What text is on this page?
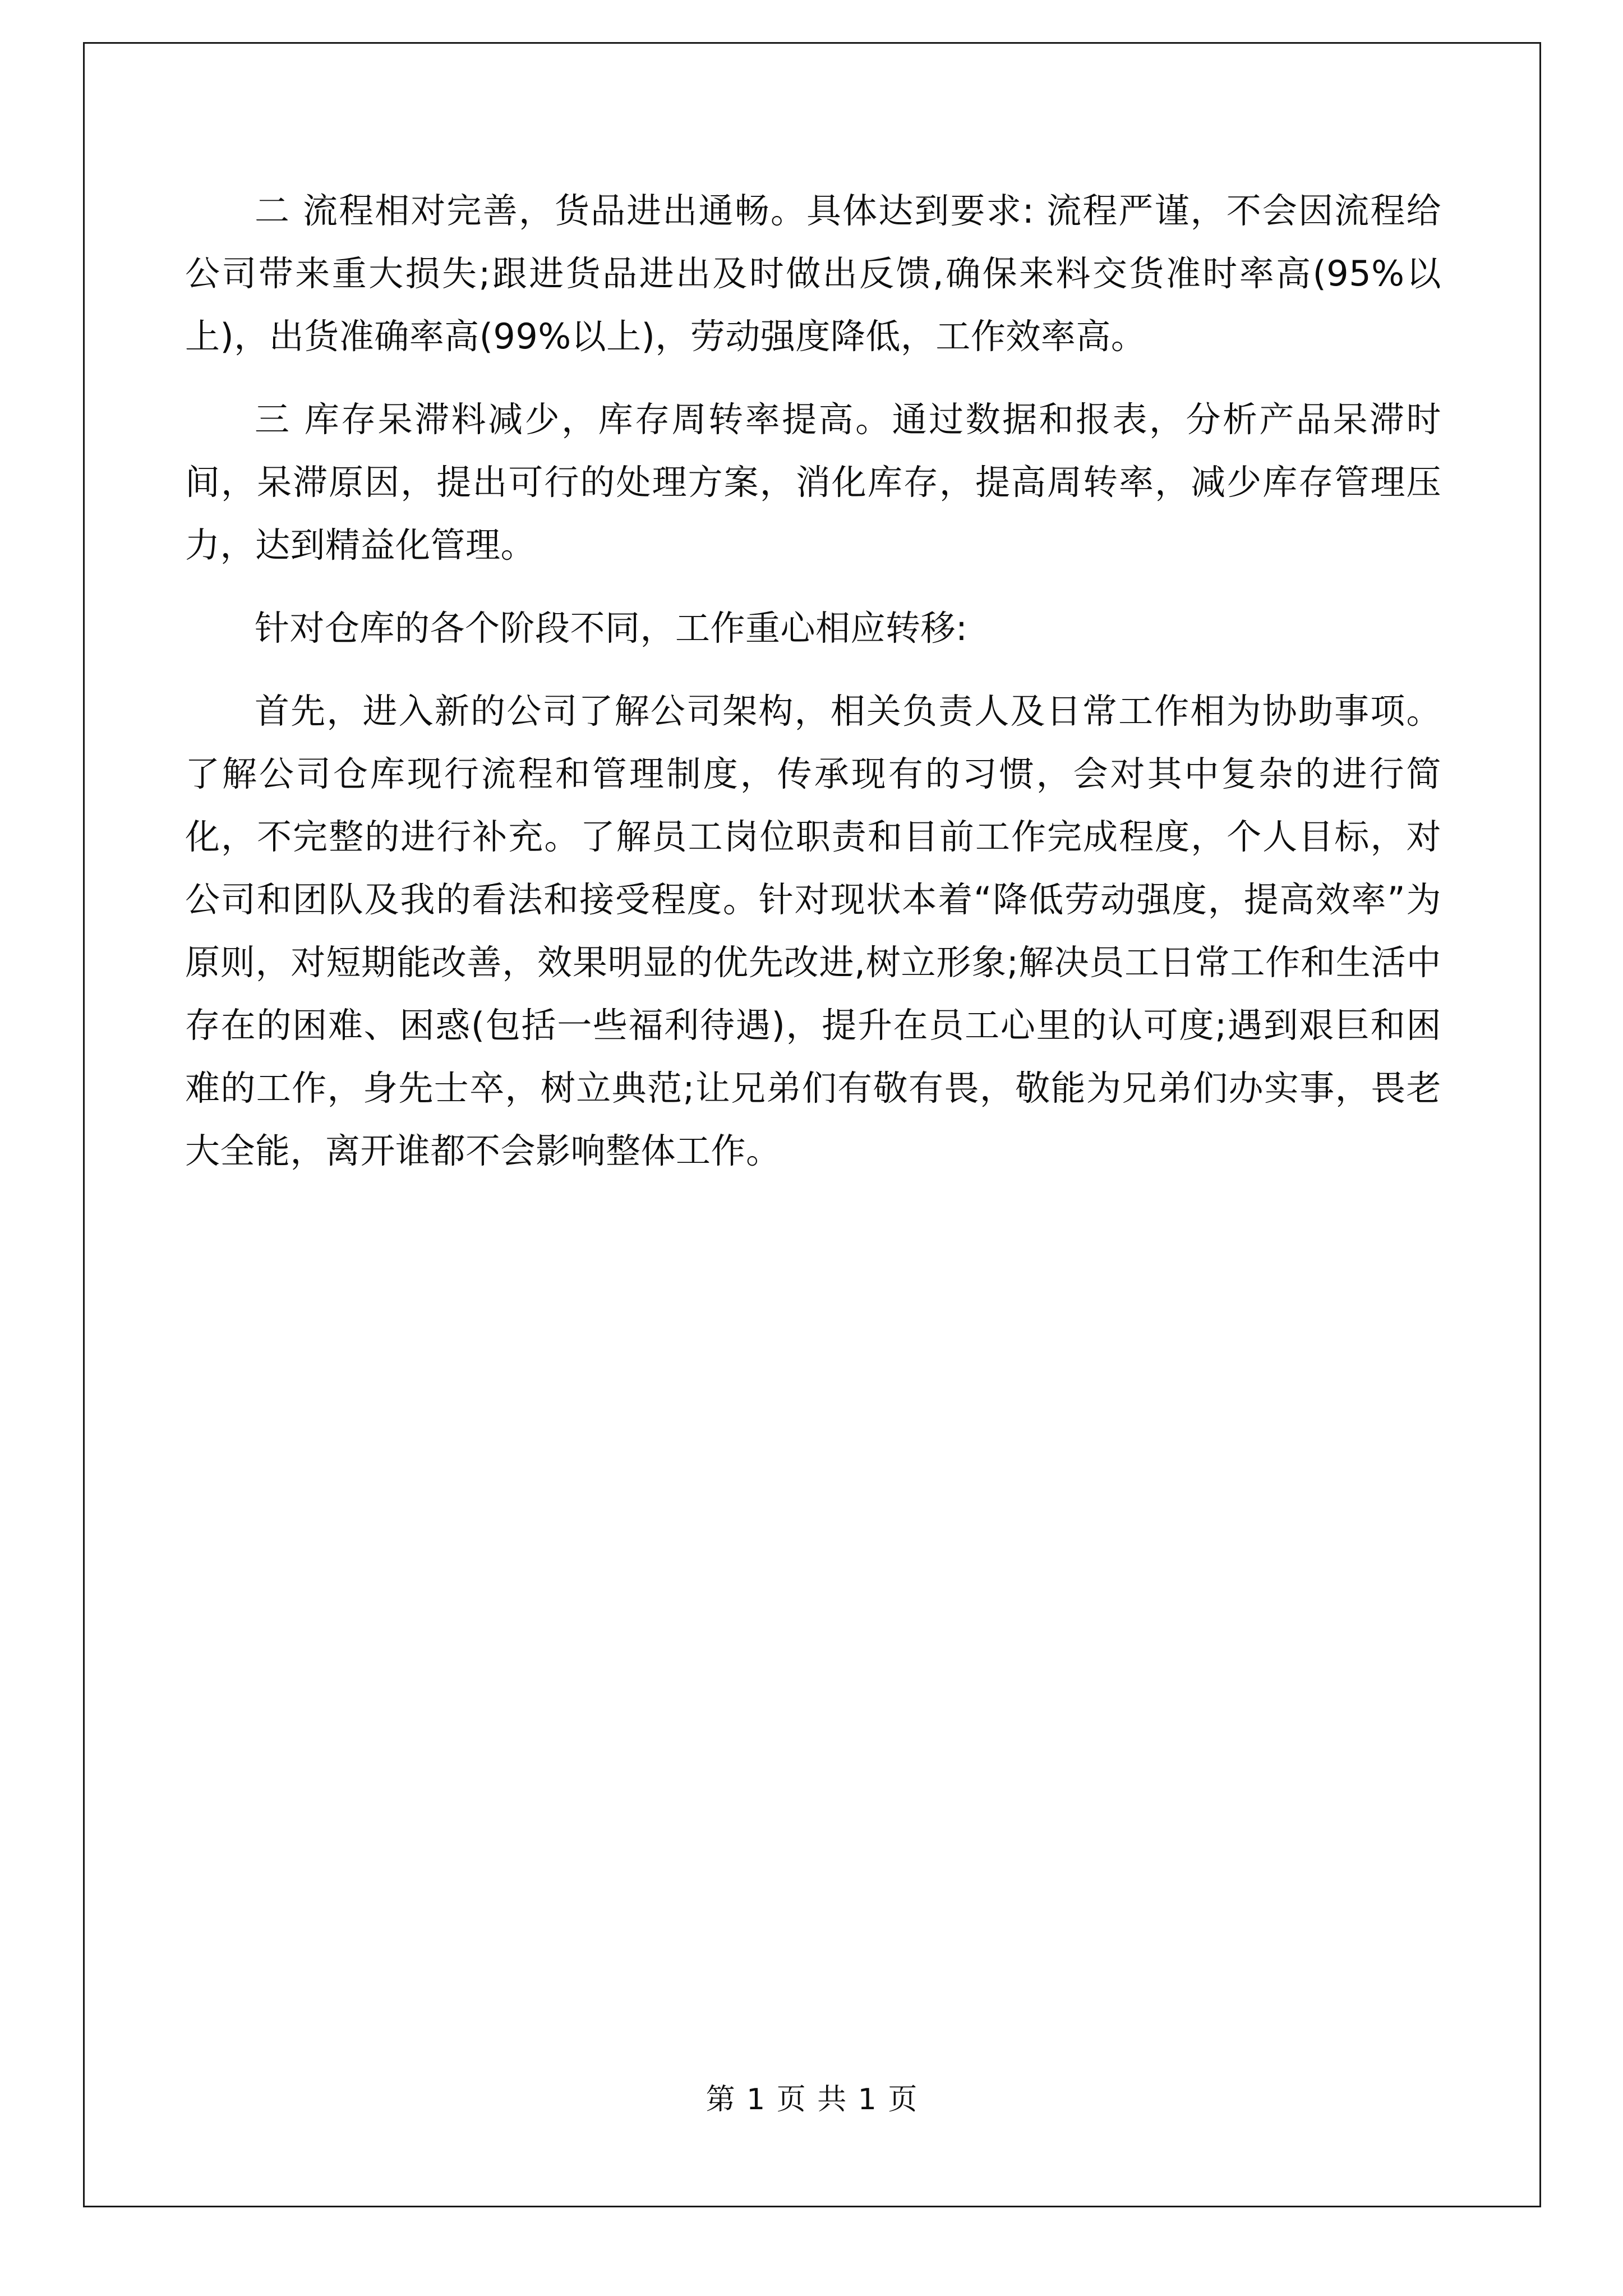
二 流程相对完善，货品进出通畅。具体达到要求: 流程严谨，不会因流程给公司带来重大损失;跟进货品进出及时做出反馈,确保来料交货准时率高(95%以上)，出货准确率高(99%以上)，劳动强度降低，工作效率高。

三 库存呆滞料减少，库存周转率提高。通过数据和报表，分析产品呆滞时间，呆滞原因，提出可行的处理方案，消化库存，提高周转率，减少库存管理压力，达到精益化管理。

针对仓库的各个阶段不同，工作重心相应转移:

首先，进入新的公司了解公司架构，相关负责人及日常工作相为协助事项。了解公司仓库现行流程和管理制度，传承现有的习惯，会对其中复杂的进行简化，不完整的进行补充。了解员工岗位职责和目前工作完成程度，个人目标，对公司和团队及我的看法和接受程度。针对现状本着“降低劳动强度，提高效率”为原则，对短期能改善，效果明显的优先改进,树立形象;解决员工日常工作和生活中存在的困难、困惑(包括一些福利待遇)，提升在员工心里的认可度;遇到艰巨和困难的工作，身先士卒，树立典范;让兄弟们有敬有畏，敬能为兄弟们办实事，畏老大全能，离开谁都不会影响整体工作。

第 1 页 共 1 页
